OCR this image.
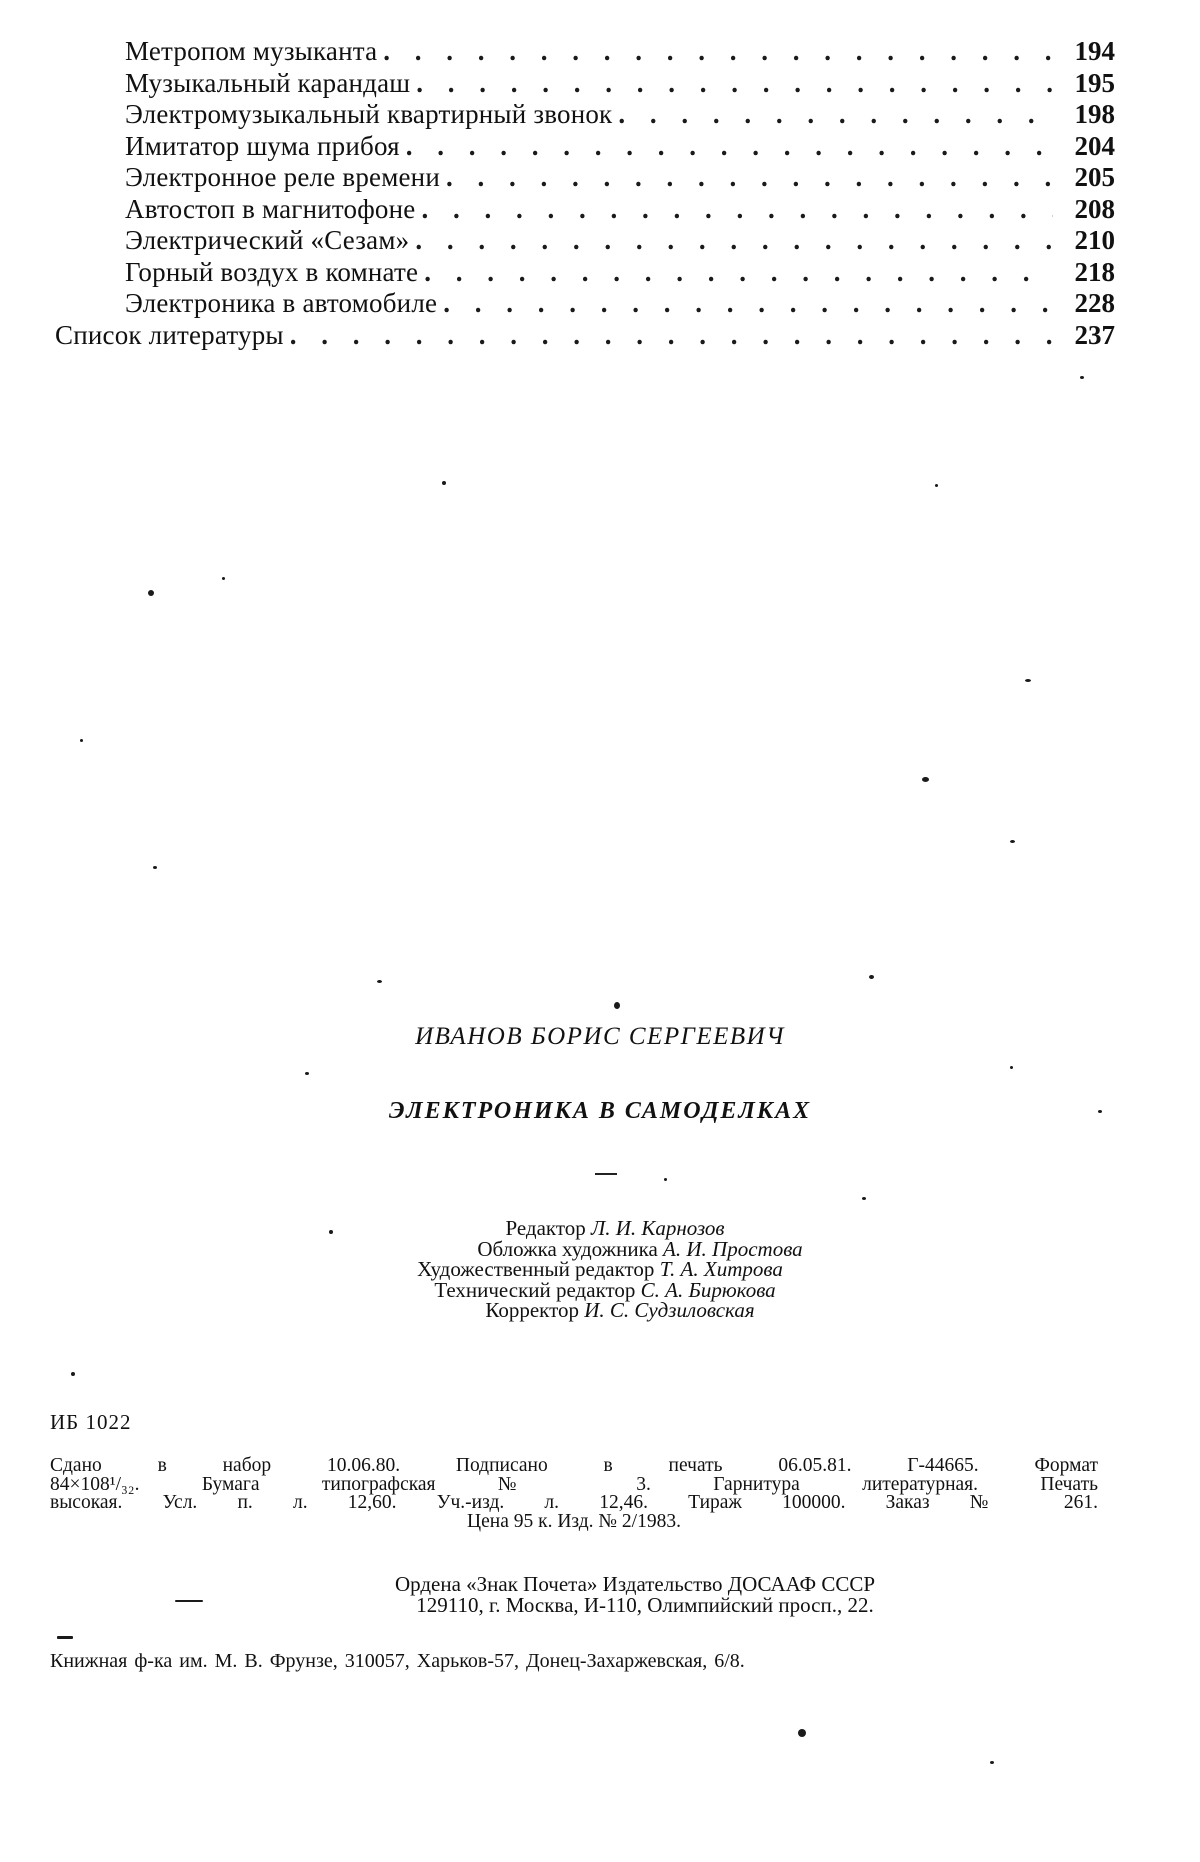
Метропом музыканта . . .	194
Музыкальный карандаш . . .	195
Электромузыкальный квартирный звонок . . .	198
Имитатор шума прибоя . . .	204
Электронное реле времени . . .	205
Автостоп в магнитофоне . . .	208
Электрический «Сезам» . . .	210
Горный воздух в комнате . . .	218
Электроника в автомобиле . . .	228
Список литературы . . .	237
ИВАНОВ БОРИС СЕРГЕЕВИЧ
ЭЛЕКТРОНИКА В САМОДЕЛКАХ
Редактор Л. И. Карнозов
Обложка художника А. И. Простова
Художественный редактор Т. А. Хитрова
Технический редактор С. А. Бирюкова
Корректор И. С. Судзиловская
ИБ 1022
Сдано в набор 10.06.80. Подписано в печать 06.05.81. Г-44665. Формат
84×108¹/₃₂. Бумага типографская № 3. Гарнитура литературная. Печать
высокая. Усл. п. л. 12,60. Уч.-изд. л. 12,46. Тираж 100000. Заказ № 261.
Цена 95 к. Изд. № 2/1983.
Ордена «Знак Почета» Издательство ДОСААФ СССР
129110, г. Москва, И-110, Олимпийский просп., 22.
Книжная ф-ка им. М. В. Фрунзе, 310057, Харьков-57, Донец-Захаржевская, 6/8.
